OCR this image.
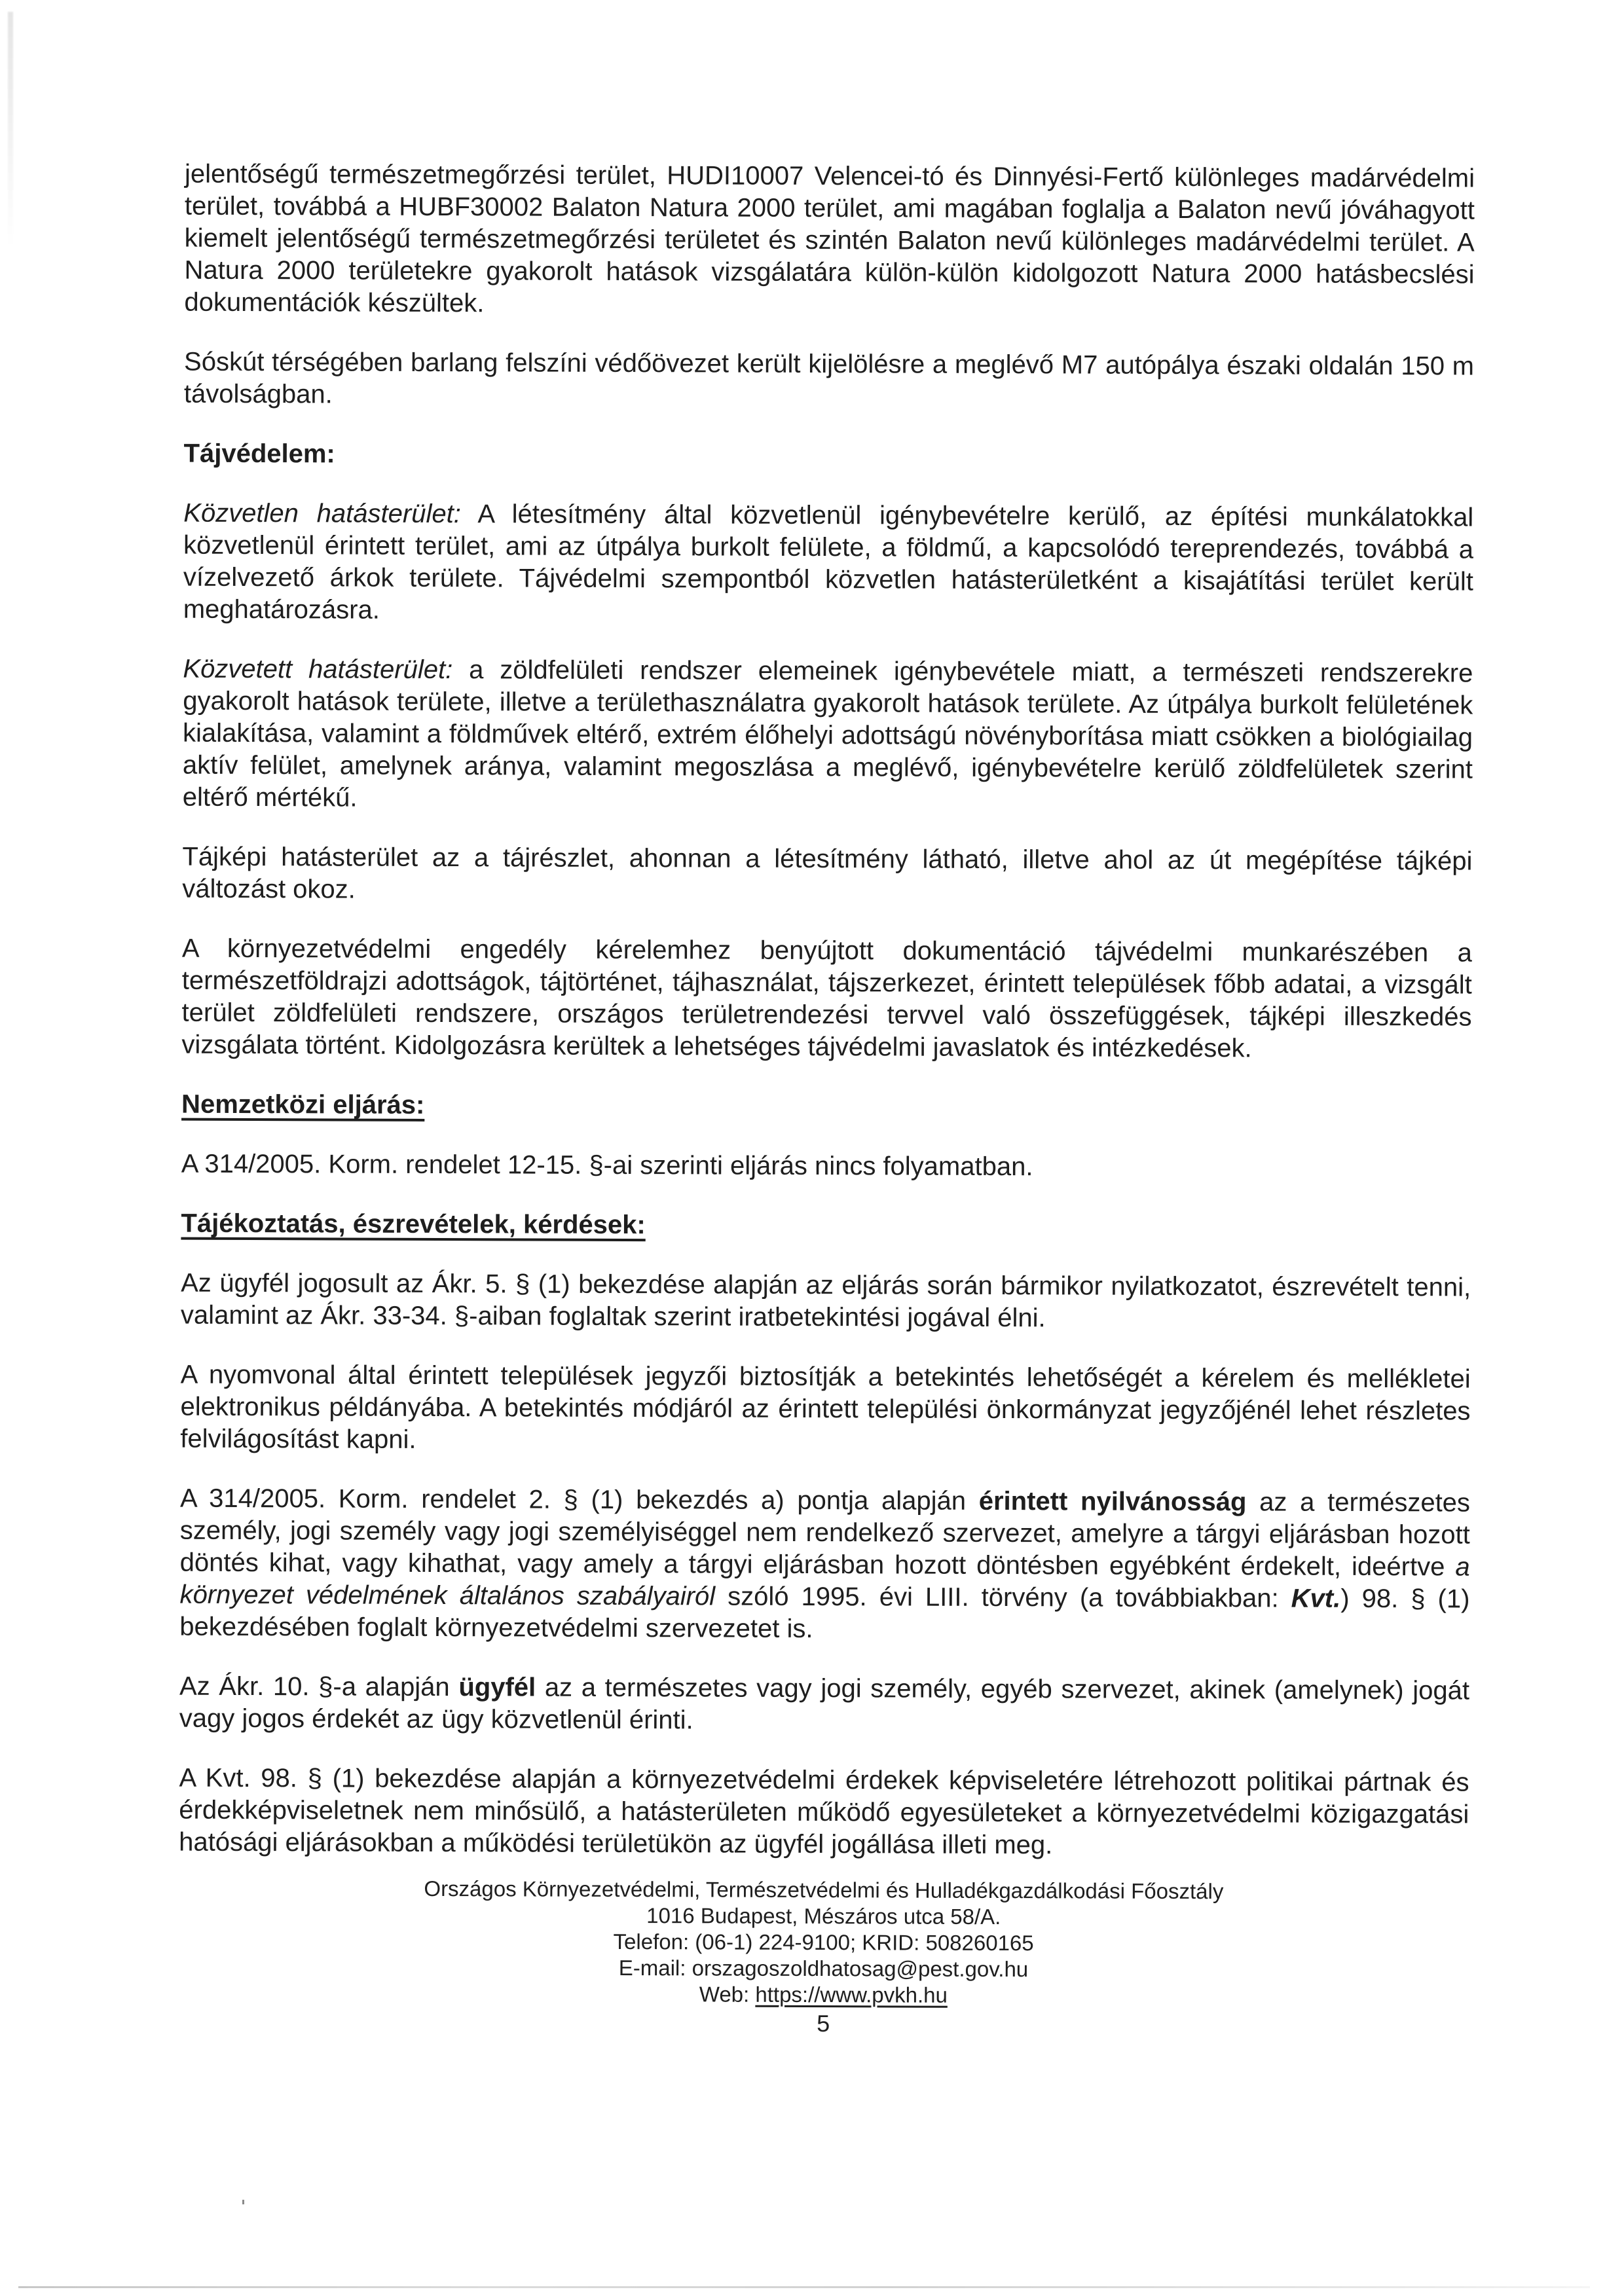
jelentőségű természetmegőrzési terület, HUDI10007 Velencei-tó és Dinnyési-Fertő különleges madárvédelmi terület, továbbá a HUBF30002 Balaton Natura 2000 terület, ami magában foglalja a Balaton nevű jóváhagyott kiemelt jelentőségű természetmegőrzési területet és szintén Balaton nevű különleges madárvédelmi terület. A Natura 2000 területekre gyakorolt hatások vizsgálatára külön-külön kidolgozott Natura 2000 hatásbecslési dokumentációk készültek.

Sóskút térségében barlang felszíni védőövezet került kijelölésre a meglévő M7 autópálya északi oldalán 150 m távolságban.

Tájvédelem:

Közvetlen hatásterület: A létesítmény által közvetlenül igénybevételre kerülő, az építési munkálatokkal közvetlenül érintett terület, ami az útpálya burkolt felülete, a földmű, a kapcsolódó tereprendezés, továbbá a vízelvezető árkok területe. Tájvédelmi szempontból közvetlen hatásterületként a kisajátítási terület került meghatározásra.

Közvetett hatásterület: a zöldfelületi rendszer elemeinek igénybevétele miatt, a természeti rendszerekre gyakorolt hatások területe, illetve a területhasználatra gyakorolt hatások területe. Az útpálya burkolt felületének kialakítása, valamint a földművek eltérő, extrém élőhelyi adottságú növényborítása miatt csökken a biológiailag aktív felület, amelynek aránya, valamint megoszlása a meglévő, igénybevételre kerülő zöldfelületek szerint eltérő mértékű.

Tájképi hatásterület az a tájrészlet, ahonnan a létesítmény látható, illetve ahol az út megépítése tájképi változást okoz.

A környezetvédelmi engedély kérelemhez benyújtott dokumentáció tájvédelmi munkarészében a természetföldrajzi adottságok, tájtörténet, tájhasználat, tájszerkezet, érintett települések főbb adatai, a vizsgált terület zöldfelületi rendszere, országos területrendezési tervvel való összefüggések, tájképi illeszkedés vizsgálata történt. Kidolgozásra kerültek a lehetséges tájvédelmi javaslatok és intézkedések.

Nemzetközi eljárás:

A 314/2005. Korm. rendelet 12-15. §-ai szerinti eljárás nincs folyamatban.

Tájékoztatás, észrevételek, kérdések:

Az ügyfél jogosult az Ákr. 5. § (1) bekezdése alapján az eljárás során bármikor nyilatkozatot, észrevételt tenni, valamint az Ákr. 33-34. §-aiban foglaltak szerint iratbetekintési jogával élni.

A nyomvonal által érintett települések jegyzői biztosítják a betekintés lehetőségét a kérelem és mellékletei elektronikus példányába. A betekintés módjáról az érintett települési önkormányzat jegyzőjénél lehet részletes felvilágosítást kapni.

A 314/2005. Korm. rendelet 2. § (1) bekezdés a) pontja alapján érintett nyilvánosság az a természetes személy, jogi személy vagy jogi személyiséggel nem rendelkező szervezet, amelyre a tárgyi eljárásban hozott döntés kihat, vagy kihathat, vagy amely a tárgyi eljárásban hozott döntésben egyébként érdekelt, ideértve a környezet védelmének általános szabályairól szóló 1995. évi LIII. törvény (a továbbiakban: Kvt.) 98. § (1) bekezdésében foglalt környezetvédelmi szervezetet is.

Az Ákr. 10. §-a alapján ügyfél az a természetes vagy jogi személy, egyéb szervezet, akinek (amelynek) jogát vagy jogos érdekét az ügy közvetlenül érinti.

A Kvt. 98. § (1) bekezdése alapján a környezetvédelmi érdekek képviseletére létrehozott politikai pártnak és érdekképviseletnek nem minősülő, a hatásterületen működő egyesületeket a környezetvédelmi közigazgatási hatósági eljárásokban a működési területükön az ügyfél jogállása illeti meg.

Országos Környezetvédelmi, Természetvédelmi és Hulladékgazdálkodási Főosztály
1016 Budapest, Mészáros utca 58/A.
Telefon: (06-1) 224-9100; KRID: 508260165
E-mail: orszagoszoldhatosag@pest.gov.hu
Web: https://www.pvkh.hu
5
